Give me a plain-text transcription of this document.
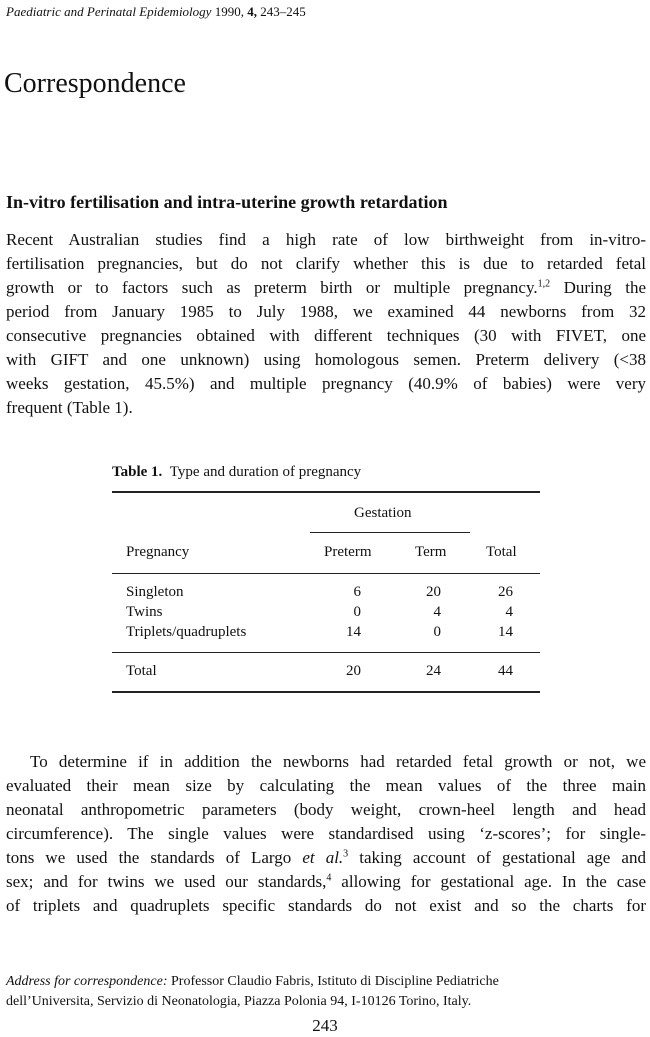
Paediatric and Perinatal Epidemiology 1990, 4, 243–245
Correspondence
In-vitro fertilisation and intra-uterine growth retardation
Recent Australian studies find a high rate of low birthweight from in-vitro-
fertilisation pregnancies, but do not clarify whether this is due to retarded fetal
growth or to factors such as preterm birth or multiple pregnancy.$^{1,2}$ During the
period from January 1985 to July 1988, we examined 44 newborns from 32
consecutive pregnancies obtained with different techniques (30 with FIVET, one
with GIFT and one unknown) using homologous semen. Preterm delivery (<38
weeks gestation, 45.5%) and multiple pregnancy (40.9% of babies) were very
frequent (Table 1).
Table 1. Type and duration of pregnancy
Gestation
Pregnancy	Preterm	Term	Total
Singleton	6	20	26
Twins	0	4	4
Triplets/quadruplets	14	0	14
Total	20	24	44
To determine if in addition the newborns had retarded fetal growth or not, we
evaluated their mean size by calculating the mean values of the three main
neonatal anthropometric parameters (body weight, crown-heel length and head
circumference). The single values were standardised using ‘z-scores’; for single-
tons we used the standards of Largo et al.$^3$ taking account of gestational age and
sex; and for twins we used our standards,$^4$ allowing for gestational age. In the case
of triplets and quadruplets specific standards do not exist and so the charts for
Address for correspondence: Professor Claudio Fabris, Istituto di Discipline Pediatriche
dell’Universita, Servizio di Neonatologia, Piazza Polonia 94, I-10126 Torino, Italy.
243
